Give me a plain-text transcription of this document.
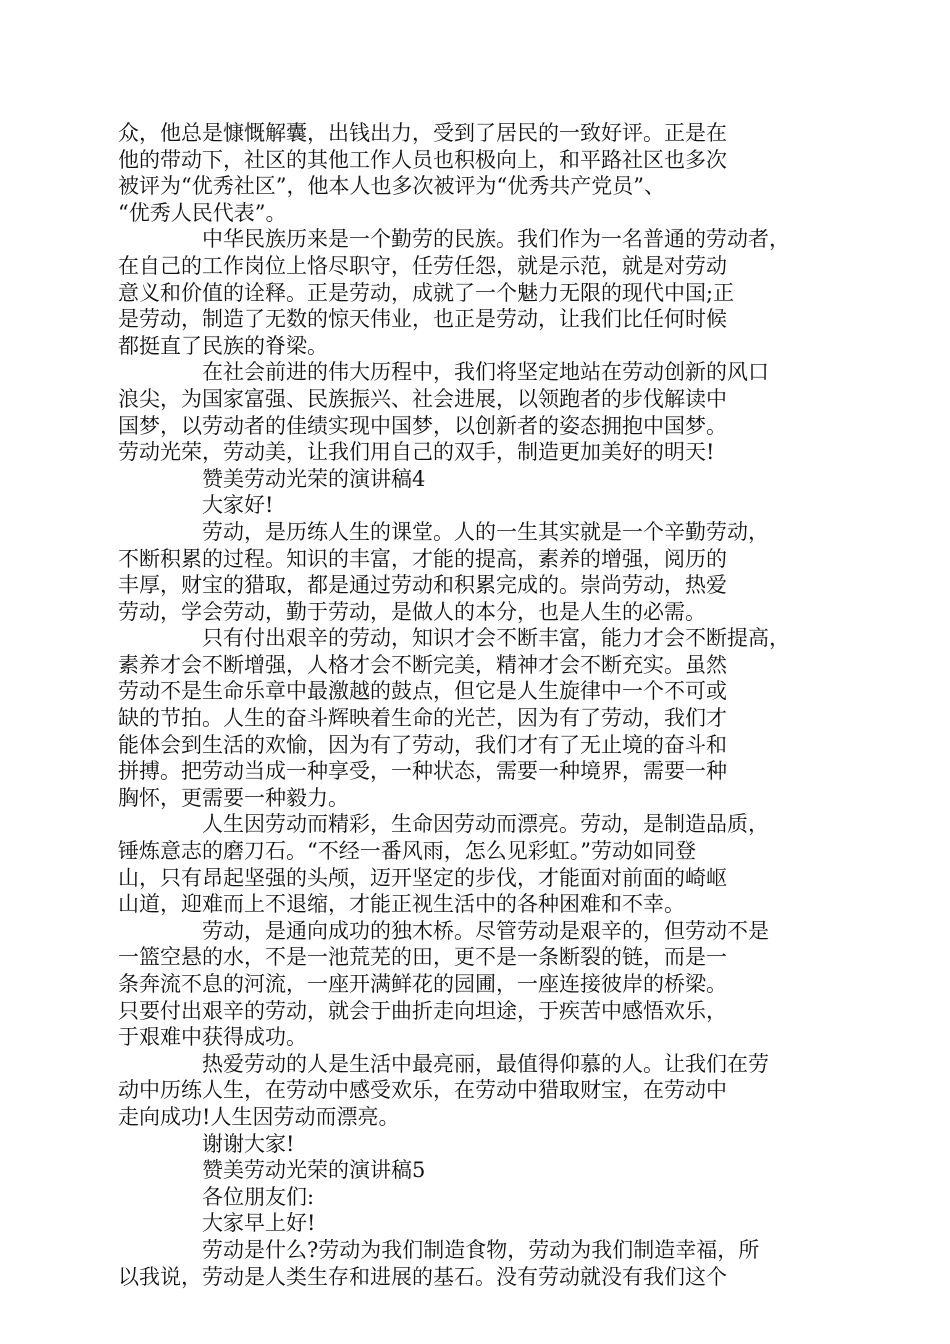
众，他总是慷慨解囊，出钱出力，受到了居民的一致好评。正是在
他的带动下，社区的其他工作人员也积极向上，和平路社区也多次
被评为“优秀社区”，他本人也多次被评为“优秀共产党员”、
“优秀人民代表”。
中华民族历来是一个勤劳的民族。我们作为一名普通的劳动者，
在自己的工作岗位上恪尽职守，任劳任怨，就是示范，就是对劳动
意义和价值的诠释。正是劳动，成就了一个魅力无限的现代中国;正
是劳动，制造了无数的惊天伟业，也正是劳动，让我们比任何时候
都挺直了民族的脊梁。
在社会前进的伟大历程中，我们将坚定地站在劳动创新的风口
浪尖，为国家富强、民族振兴、社会进展，以领跑者的步伐解读中
国梦，以劳动者的佳绩实现中国梦，以创新者的姿态拥抱中国梦。
劳动光荣，劳动美，让我们用自己的双手，制造更加美好的明天!
赞美劳动光荣的演讲稿4
大家好!
劳动，是历练人生的课堂。人的一生其实就是一个辛勤劳动，
不断积累的过程。知识的丰富，才能的提高，素养的增强，阅历的
丰厚，财宝的猎取，都是通过劳动和积累完成的。崇尚劳动，热爱
劳动，学会劳动，勤于劳动，是做人的本分，也是人生的必需。
只有付出艰辛的劳动，知识才会不断丰富，能力才会不断提高，
素养才会不断增强，人格才会不断完美，精神才会不断充实。虽然
劳动不是生命乐章中最激越的鼓点，但它是人生旋律中一个不可或
缺的节拍。人生的奋斗辉映着生命的光芒，因为有了劳动，我们才
能体会到生活的欢愉，因为有了劳动，我们才有了无止境的奋斗和
拼搏。把劳动当成一种享受，一种状态，需要一种境界，需要一种
胸怀，更需要一种毅力。
人生因劳动而精彩，生命因劳动而漂亮。劳动，是制造品质，
锤炼意志的磨刀石。“不经一番风雨，怎么见彩虹。”劳动如同登
山，只有昂起坚强的头颅，迈开坚定的步伐，才能面对前面的崎岖
山道，迎难而上不退缩，才能正视生活中的各种困难和不幸。
劳动，是通向成功的独木桥。尽管劳动是艰辛的，但劳动不是
一篮空悬的水，不是一池荒芜的田，更不是一条断裂的链，而是一
条奔流不息的河流，一座开满鲜花的园圃，一座连接彼岸的桥梁。
只要付出艰辛的劳动，就会于曲折走向坦途，于疾苦中感悟欢乐，
于艰难中获得成功。
热爱劳动的人是生活中最亮丽，最值得仰慕的人。让我们在劳
动中历练人生，在劳动中感受欢乐，在劳动中猎取财宝，在劳动中
走向成功!人生因劳动而漂亮。
谢谢大家!
赞美劳动光荣的演讲稿5
各位朋友们:
大家早上好!
劳动是什么?劳动为我们制造食物，劳动为我们制造幸福，所
以我说，劳动是人类生存和进展的基石。没有劳动就没有我们这个
